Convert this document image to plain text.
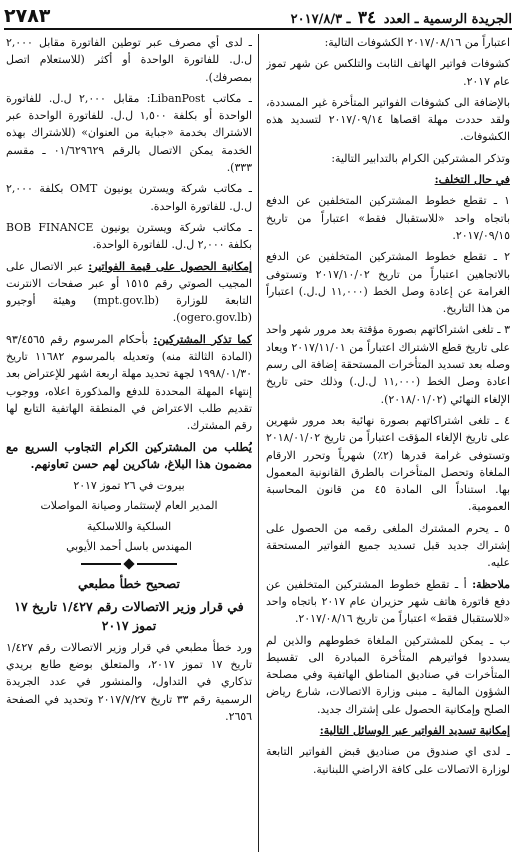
الجريدة الرسمية ـ العدد ٣٤ ـ ٢٠١٧/٨/٣
٢٧٨٣

اعتباراً من ٢٠١٧/٠٨/١٦ الكشوفات التالية:

كشوفات فواتير الهاتف الثابت والتلكس عن شهر تموز عام ٢٠١٧.

بالإضافة الى كشوفات الفواتير المتأخرة غير المسددة، ولقد حددت مهلة اقصاها ٢٠١٧/٠٩/١٤ لتسديد هذه الكشوفات.

وتذكر المشتركين الكرام بالتدابير التالية:

في حال التخلف:

١ ـ تقطع خطوط المشتركين المتخلفين عن الدفع باتجاه واحد «للاستقبال فقط» اعتباراً من تاريخ ٢٠١٧/٠٩/١٥.

٢ ـ تقطع خطوط المشتركين المتخلفين عن الدفع بالاتجاهين اعتباراً من تاريخ ٢٠١٧/١٠/٠٢ وتستوفى الغرامة عن إعادة وصل الخط (١١,٠٠٠ ل.ل.) اعتباراً من هذا التاريخ.

٣ ـ تلغى اشتراكاتهم بصورة مؤقتة بعد مرور شهر واحد على تاريخ قطع الاشتراك اعتباراً من ٢٠١٧/١١/٠١ ويعاد وصله بعد تسديد المتأخرات المستحقة إضافة الى رسم اعادة وصل الخط (١١,٠٠٠ ل.ل.) وذلك حتى تاريخ الإلغاء النهائي (٢٠١٨/٠١/٠٢).

٤ ـ تلغى اشتراكاتهم بصورة نهائية بعد مرور شهرين على تاريخ الإلغاء المؤقت اعتباراً من تاريخ ٢٠١٨/٠١/٠٢ وتستوفى غرامة قدرها (٢٪) شهرياً وتحرر الارقام الملغاة وتحصل المتأخرات بالطرق القانونية المعمول بها. استناداً الى المادة ٤٥ من قانون المحاسبة العمومية.

٥ ـ يحرم المشترك الملغى رقمه من الحصول على إشتراك جديد قبل تسديد جميع الفواتير المستحقة عليه.

ملاحظة: أ ـ تقطع خطوط المشتركين المتخلفين عن دفع فاتورة هاتف شهر حزيران عام ٢٠١٧ باتجاه واحد «للاستقبال فقط» اعتباراً من تاريخ ٢٠١٧/٠٨/١٦.

ب ـ يمكن للمشتركين الملغاة خطوطهم والذين لم يسددوا فواتيرهم المتأخرة المبادرة الى تقسيط المتأخرات في صناديق المناطق الهاتفية وفي مصلحة الشؤون المالية ـ مبنى وزارة الاتصالات، شارع رياض الصلح وإمكانية الحصول على إشتراك جديد.

إمكانية تسديد الفواتير عبر الوسائل التالية:

ـ لدى اي صندوق من صناديق قبض الفواتير التابعة لوزارة الاتصالات على كافة الاراضي اللبنانية.

ـ لدى أي مصرف عبر توطين الفاتورة مقابل ٢,٠٠٠ ل.ل. للفاتورة الواحدة أو أكثر (للاستعلام اتصل بمصرفك).

ـ مكاتب LibanPost: مقابل ٢,٠٠٠ ل.ل. للفاتورة الواحدة أو بكلفة ١,٥٠٠ ل.ل. للفاتورة الواحدة عبر الاشتراك بخدمة «جباية من العنوان» (للاشتراك بهذه الخدمة يمكن الاتصال بالرقم ٠١/٦٢٩٦٢٩ ـ مقسم ٣٣٣).

ـ مكاتب شركة ويسترن يونيون OMT بكلفة ٢,٠٠٠ ل.ل. للفاتورة الواحدة.

ـ مكاتب شركة ويسترن يونيون BOB FINANCE بكلفة ٢,٠٠٠ ل.ل. للفاتورة الواحدة.

إمكانية الحصول على قيمة الفواتير: عبر الاتصال على المجيب الصوتي رقم ١٥١٥ أو عبر صفحات الانترنت التابعة للوزارة (mpt.gov.lb) وهيئة أوجيرو (ogero.gov.lb).

كما تذكر المشتركين: بأحكام المرسوم رقم ٩٣/٤٥٦٥ (المادة الثالثة منه) وتعديله بالمرسوم ١١٦٨٢ تاريخ ١٩٩٨/٠١/٣٠ لجهة تحديد مهلة اربعة اشهر للإعتراض بعد إنتهاء المهلة المحددة للدفع والمذكورة اعلاه، ووجوب تقديم طلب الاعتراض في المنطقة الهاتفية التابع لها رقم المشترك.

يُطلب من المشتركين الكرام التجاوب السريع مع مضمون هذا البلاغ، شاكرين لهم حسن تعاونهم.

بيروت في ٢٦ تموز ٢٠١٧

المدير العام لإستثمار وصيانة المواصلات

السلكية واللاسلكية

المهندس باسل أحمد الأيوبي

تصحيح خطأ مطبعي

في قرار وزير الاتصالات رقم ١/٤٢٧ تاريخ ١٧ تموز ٢٠١٧

ورد خطأ مطبعي في قرار وزير الاتصالات رقم ١/٤٢٧ تاريخ ١٧ تموز ٢٠١٧، والمتعلق بوضع طابع بريدي تذكاري في التداول، والمنشور في عدد الجريدة الرسمية رقم ٣٣ تاريخ ٢٠١٧/٧/٢٧ وتحديد في الصفحة ٢٦٥٦.
